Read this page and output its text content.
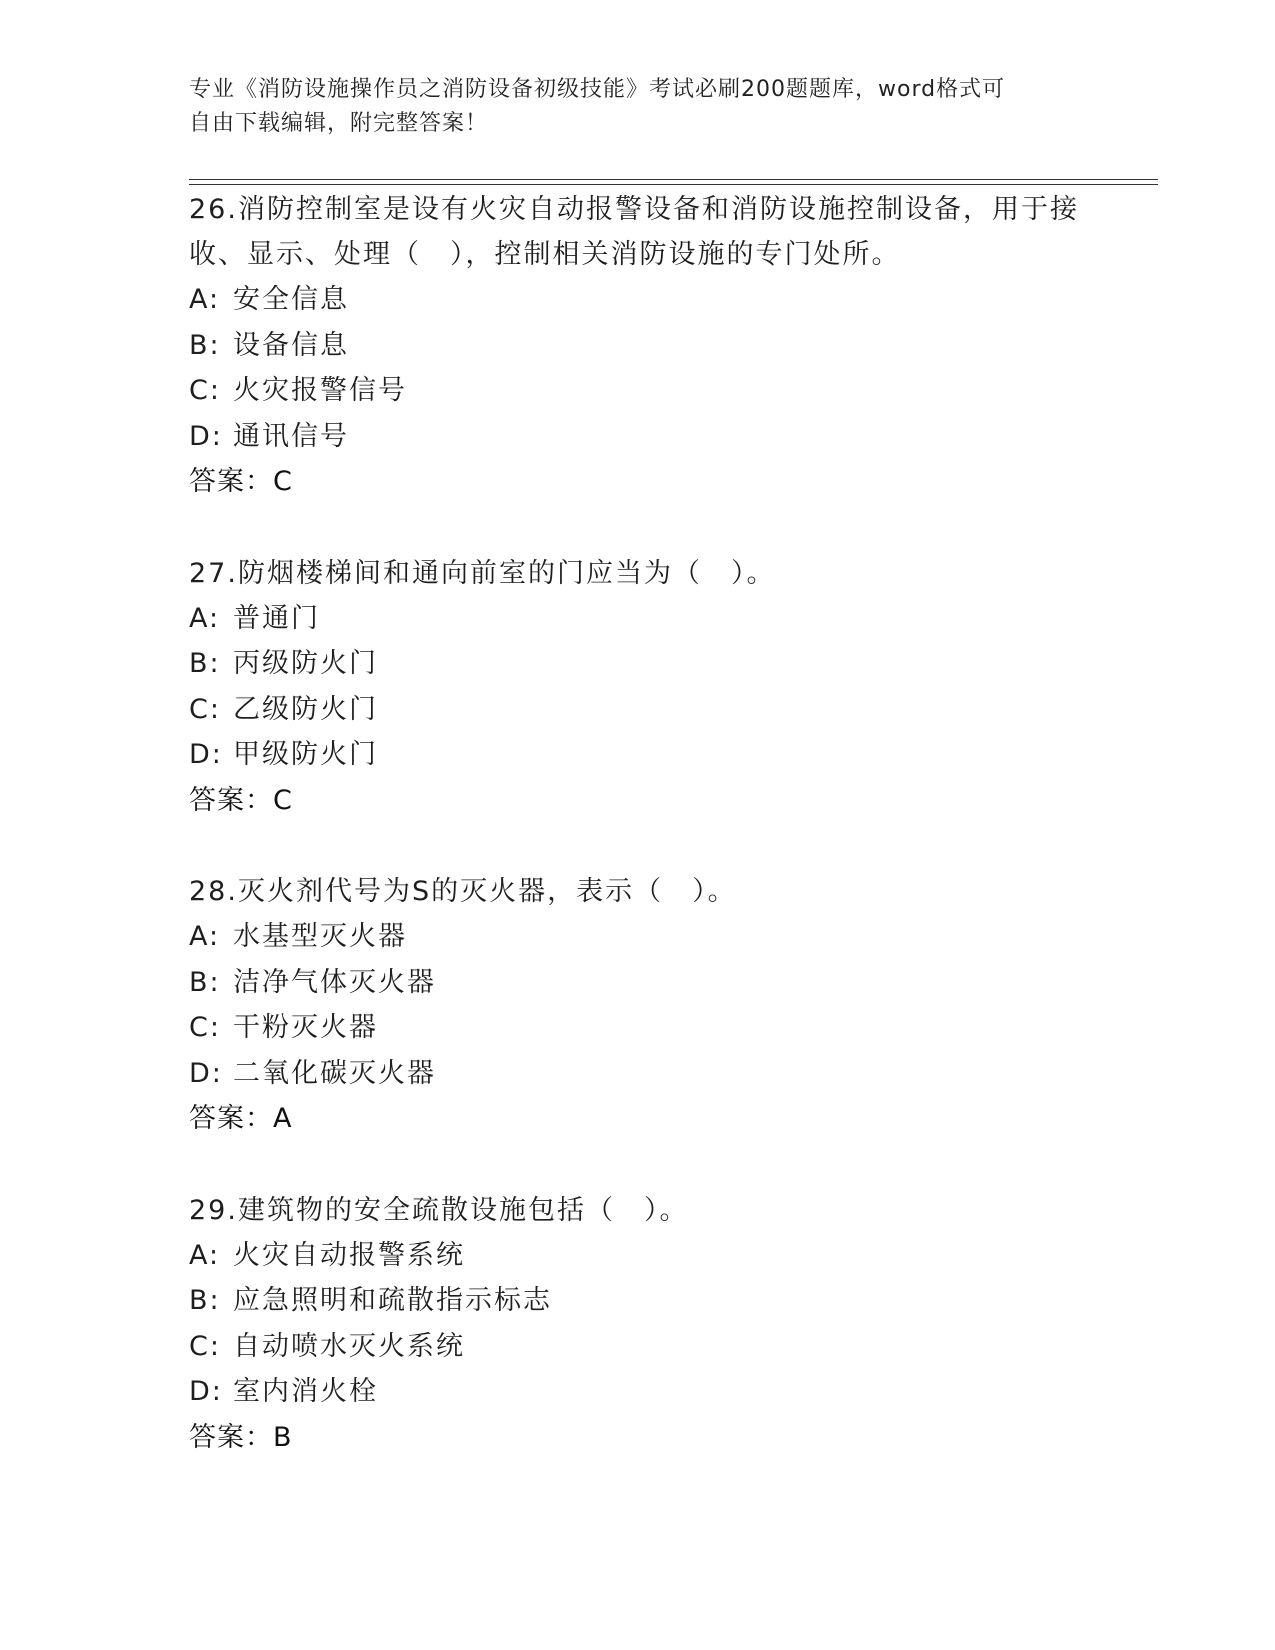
专业《消防设施操作员之消防设备初级技能》考试必刷200题题库，word格式可
自由下载编辑，附完整答案！
26.消防控制室是设有火灾自动报警设备和消防设施控制设备，用于接
收、显示、处理（　），控制相关消防设施的专门处所。
A: 安全信息
B: 设备信息
C: 火灾报警信号
D: 通讯信号
答案：C
27.防烟楼梯间和通向前室的门应当为（　）。
A: 普通门
B: 丙级防火门
C: 乙级防火门
D: 甲级防火门
答案：C
28.灭火剂代号为S的灭火器，表示（　）。
A: 水基型灭火器
B: 洁净气体灭火器
C: 干粉灭火器
D: 二氧化碳灭火器
答案：A
29.建筑物的安全疏散设施包括（　）。
A: 火灾自动报警系统
B: 应急照明和疏散指示标志
C: 自动喷水灭火系统
D: 室内消火栓
答案：B
